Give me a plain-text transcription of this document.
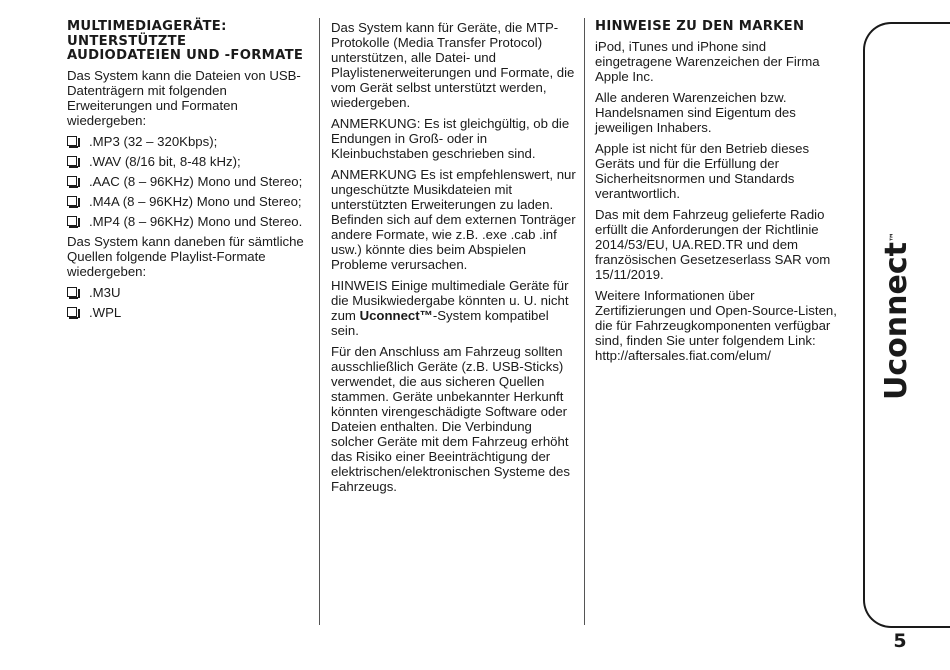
MULTIMEDIAGERÄTE: UNTERSTÜTZTE AUDIODATEIEN UND -FORMATE

Das System kann die Dateien von USB-Datenträgern mit folgenden Erweiterungen und Formaten wiedergeben:

.MP3 (32 – 320Kbps);
.WAV (8/16 bit, 8-48 kHz);
.AAC (8 – 96KHz) Mono und Stereo;
.M4A (8 – 96KHz) Mono und Stereo;
.MP4 (8 – 96KHz) Mono und Stereo.

Das System kann daneben für sämtliche Quellen folgende Playlist-Formate wiedergeben:

.M3U
.WPL

Das System kann für Geräte, die MTP-Protokolle (Media Transfer Protocol) unterstützen, alle Datei- und Playlistenerweiterungen und Formate, die vom Gerät selbst unterstützt werden, wiedergeben.

ANMERKUNG: Es ist gleichgültig, ob die Endungen in Groß- oder in Kleinbuchstaben geschrieben sind.

ANMERKUNG Es ist empfehlenswert, nur ungeschützte Musikdateien mit unterstützten Erweiterungen zu laden. Befinden sich auf dem externen Tonträger andere Formate, wie z.B. .exe .cab .inf usw.) könnte dies beim Abspielen Probleme verursachen.

HINWEIS Einige multimediale Geräte für die Musikwiedergabe könnten u. U. nicht zum Uconnect™-System kompatibel sein.

Für den Anschluss am Fahrzeug sollten ausschließlich Geräte (z.B. USB-Sticks) verwendet, die aus sicheren Quellen stammen. Geräte unbekannter Herkunft könnten virengeschädigte Software oder Dateien enthalten. Die Verbindung solcher Geräte mit dem Fahrzeug erhöht das Risiko einer Beeinträchtigung der elektrischen/elektronischen Systeme des Fahrzeugs.

HINWEISE ZU DEN MARKEN

iPod, iTunes und iPhone sind eingetragene Warenzeichen der Firma Apple Inc.

Alle anderen Warenzeichen bzw. Handelsnamen sind Eigentum des jeweiligen Inhabers.

Apple ist nicht für den Betrieb dieses Geräts und für die Erfüllung der Sicherheitsnormen und Standards verantwortlich.

Das mit dem Fahrzeug gelieferte Radio erfüllt die Anforderungen der Richtlinie 2014/53/EU, UA.RED.TR und dem französischen Gesetzeserlass SAR vom 15/11/2019.

Weitere Informationen über Zertifizierungen und Open-Source-Listen, die für Fahrzeugkomponenten verfügbar sind, finden Sie unter folgendem Link: http://aftersales.fiat.com/elum/	Uconnect™
5
